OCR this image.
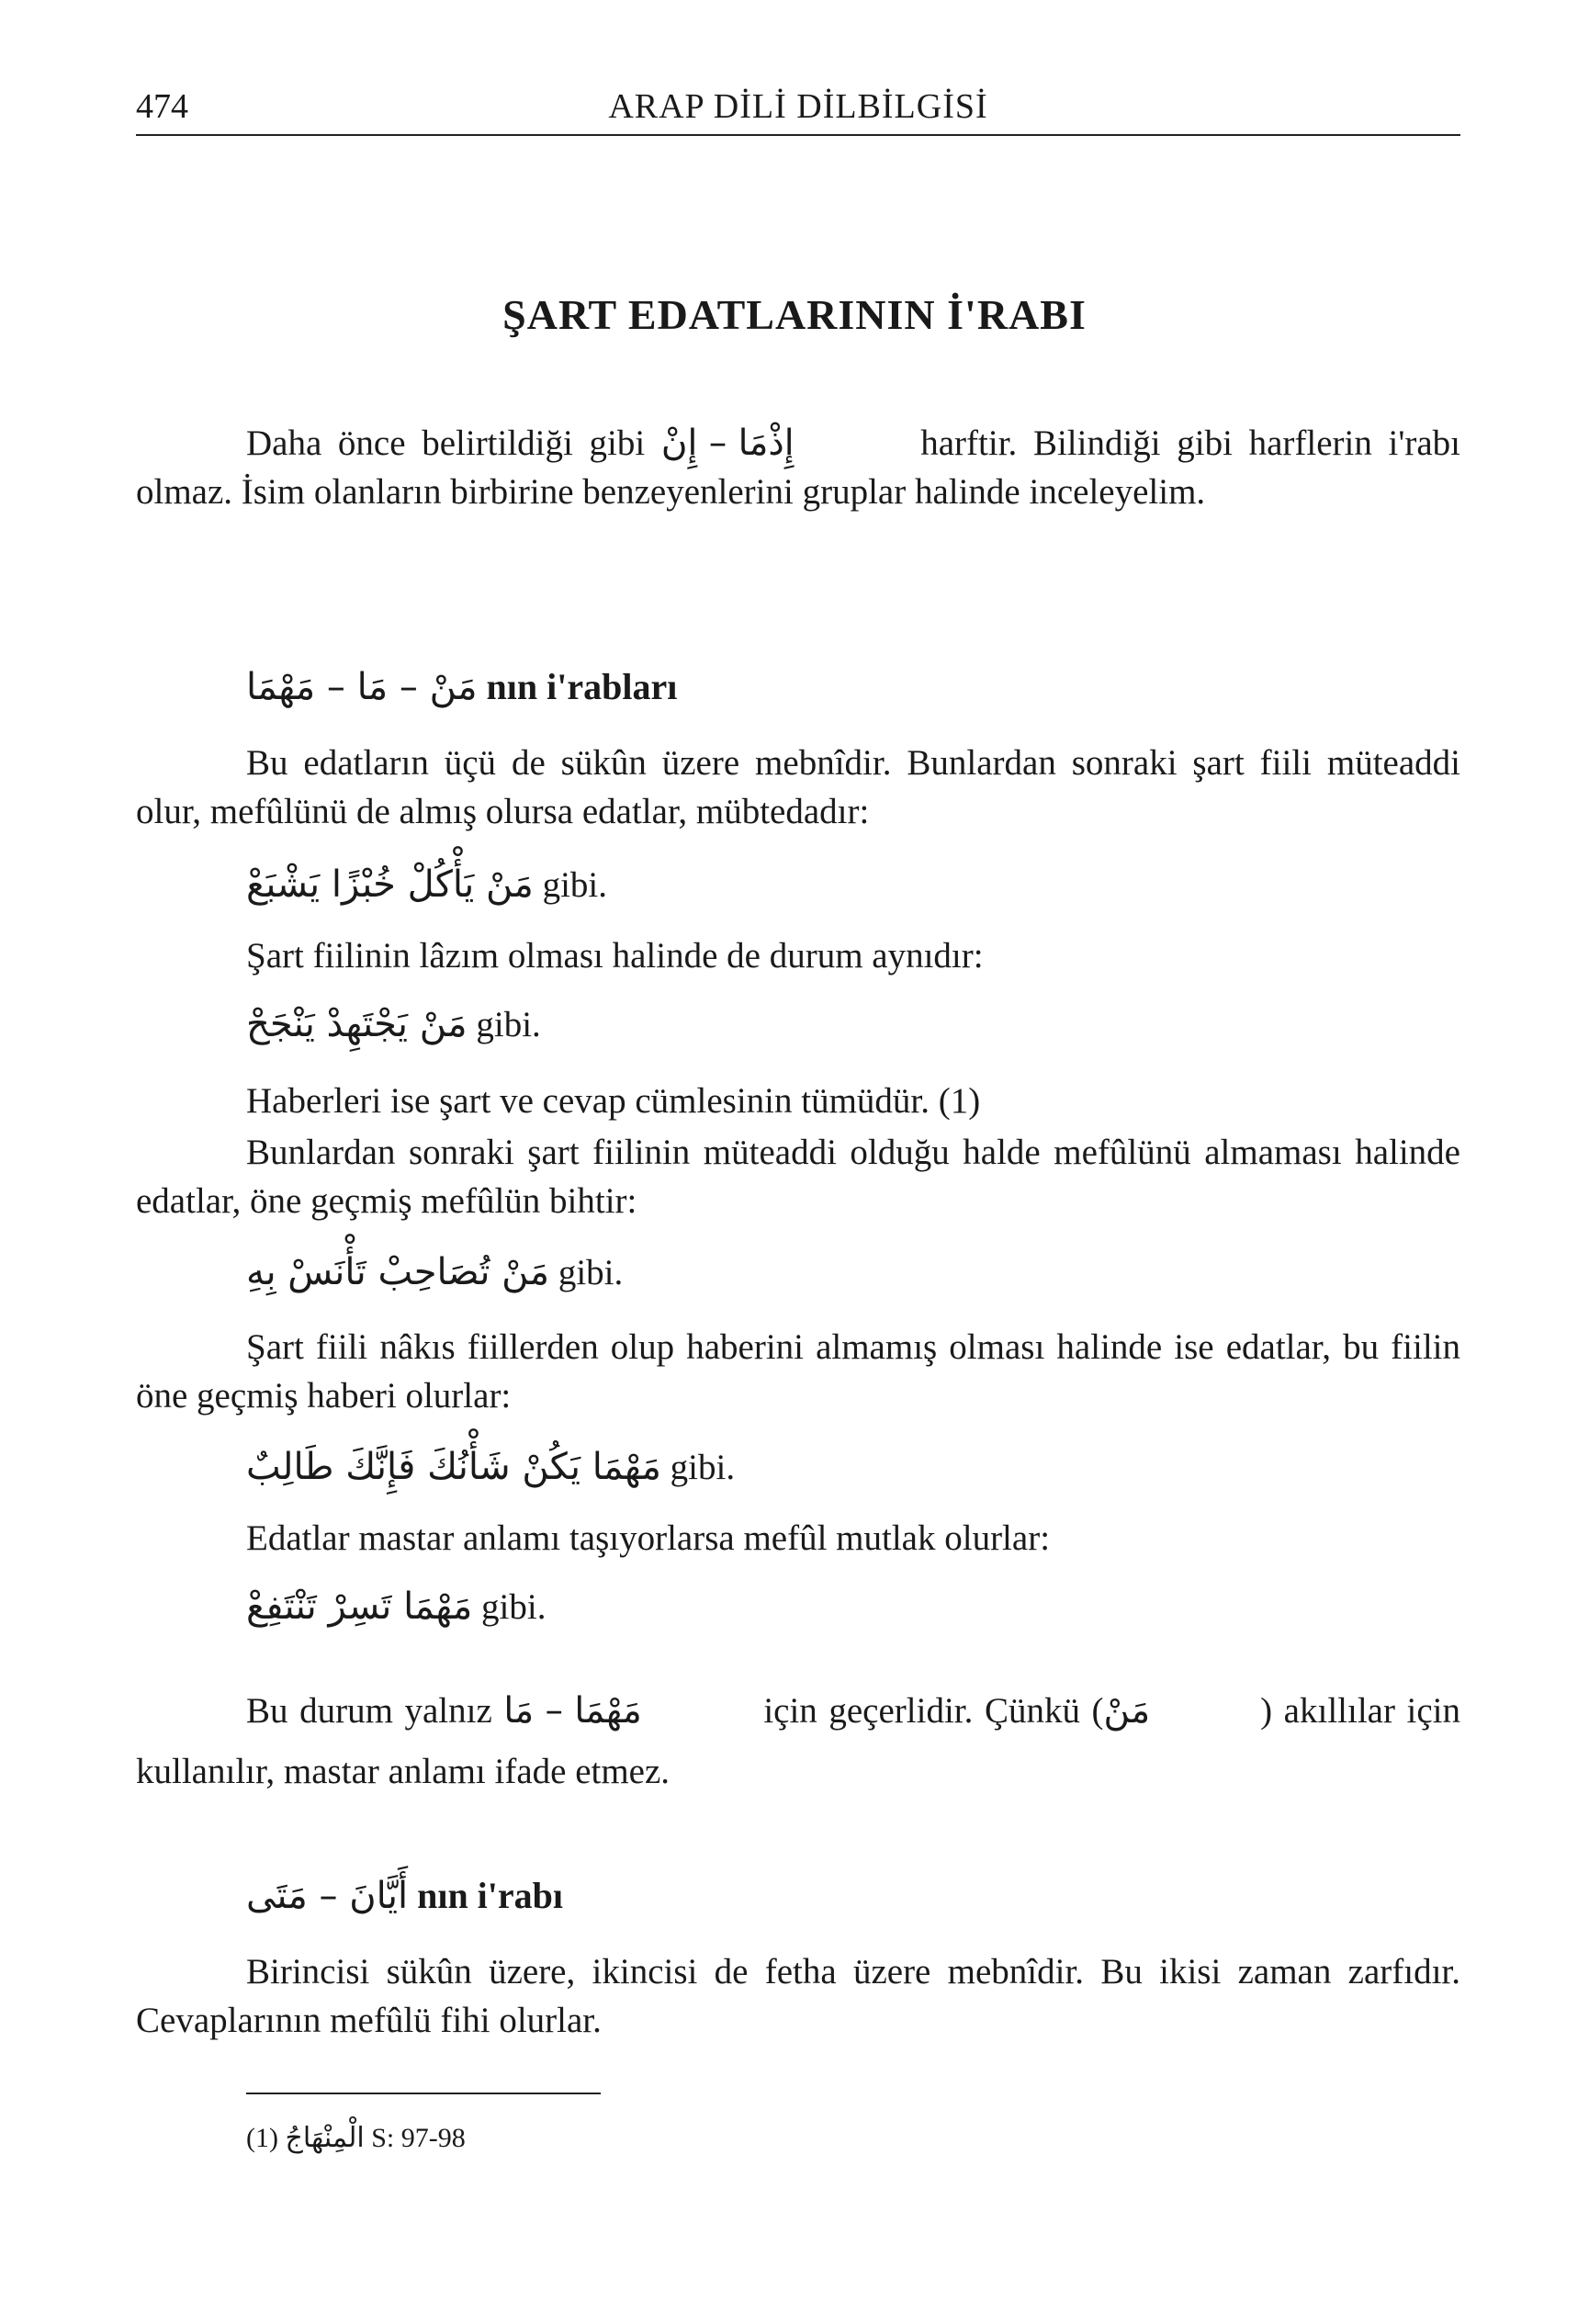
474	ARAP DİLİ DİLBİLGİSİ
ŞART EDATLARININ İ'RABI
Daha önce belirtildiği gibi إِذْمَا – إِنْ	harftir. Bilindiği gibi harflerin i'rabı olmaz. İsim olanların birbirine benzeyenlerini gruplar halinde inceleyelim.
مَنْ – مَا – مَهْمَا nın i'rabları
Bu edatların üçü de sükûn üzere mebnîdir. Bunlardan sonraki şart fiili müteaddi olur, mefûlünü de almış olursa edatlar, mübtedadır:
مَنْ يَأْكُلْ خُبْزًا يَشْبَعْ gibi.
Şart fiilinin lâzım olması halinde de durum aynıdır:
مَنْ يَجْتَهِدْ يَنْجَحْ gibi.
Haberleri ise şart ve cevap cümlesinin tümüdür. (1)
Bunlardan sonraki şart fiilinin müteaddi olduğu halde mefûlünü almaması halinde edatlar, öne geçmiş mefûlün bihtir:
مَنْ تُصَاحِبْ تَأْنَسْ بِهِ gibi.
Şart fiili nâkıs fiillerden olup haberini almamış olması halinde ise edatlar, bu fiilin öne geçmiş haberi olurlar:
مَهْمَا يَكُنْ شَأْنُكَ فَإِنَّكَ طَالِبٌ gibi.
Edatlar mastar anlamı taşıyorlarsa mefûl mutlak olurlar:
مَهْمَا تَسِرْ تَنْتَفِعْ gibi.
Bu durum yalnız مَهْمَا – مَا	için geçerlidir. Çünkü (مَنْ	) akıllılar için kullanılır, mastar anlamı ifade etmez.
أَيَّانَ – مَتَى nın i'rabı
Birincisi sükûn üzere, ikincisi de fetha üzere mebnîdir. Bu ikisi zaman zarfıdır. Cevaplarının mefûlü fihi olurlar.
(1) الْمِنْهَاجُ S: 97-98
